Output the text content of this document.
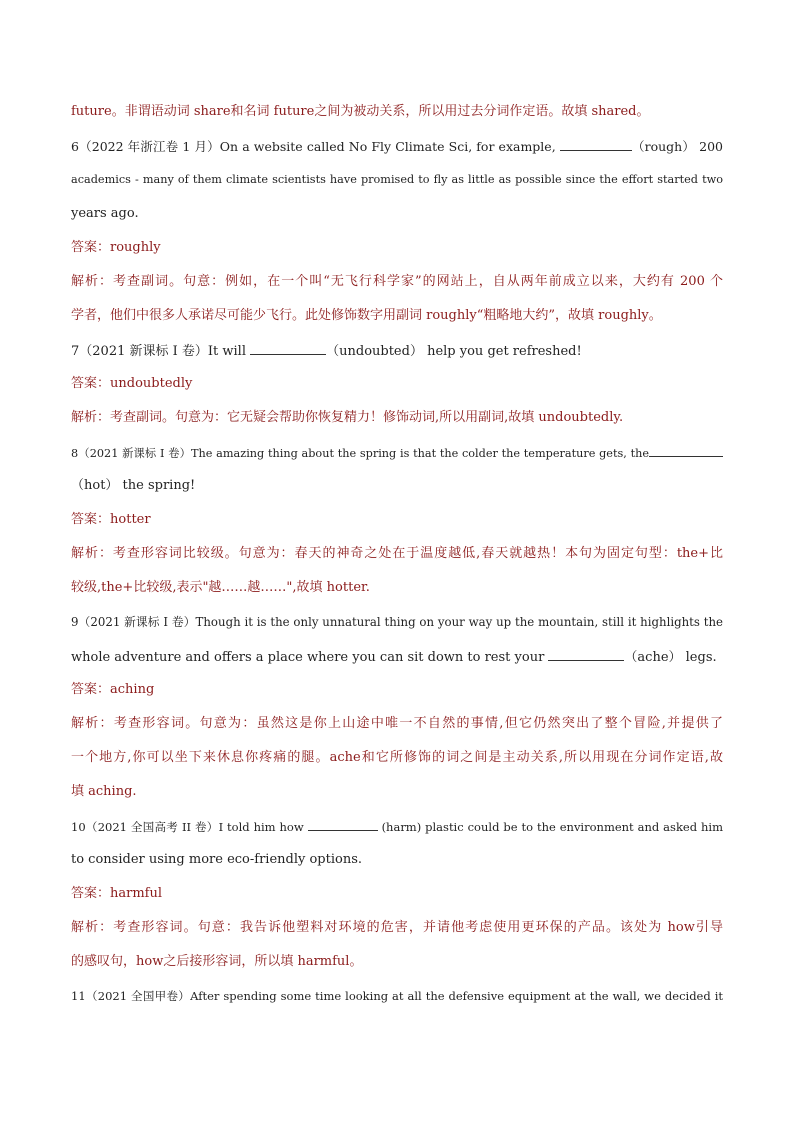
future。非谓语动词 share和名词 future之间为被动关系，所以用过去分词作定语。故填 shared。
6（2022 年浙江卷 1 月）On a website called No Fly Climate Sci, for example,	（rough） 200
academics - many of them climate scientists have promised to fly as little as possible since the effort started two
years ago.
答案：roughly
解析：考查副词。句意：例如，在一个叫“无飞行科学家”的网站上，自从两年前成立以来，大约有 200 个
学者，他们中很多人承诺尽可能少飞行。此处修饰数字用副词 roughly“粗略地大约”，故填 roughly。
7（2021 新课标 I 卷）It will	（undoubted） help you get refreshed!
答案：undoubtedly
解析：考查副词。句意为：它无疑会帮助你恢复精力！修饰动词,所以用副词,故填 undoubtedly.
8（2021 新课标 I 卷）The amazing thing about the spring is that the colder the temperature gets, the
（hot） the spring!
答案：hotter
解析：考查形容词比较级。句意为：春天的神奇之处在于温度越低,春天就越热！本句为固定句型：the+比
较级,the+比较级,表示"越……越……",故填 hotter.
9（2021 新课标 I 卷）Though it is the only unnatural thing on your way up the mountain, still it highlights the
whole adventure and offers a place where you can sit down to rest your	（ache） legs.
答案：aching
解析：考查形容词。句意为：虽然这是你上山途中唯一不自然的事情,但它仍然突出了整个冒险,并提供了
一个地方,你可以坐下来休息你疼痛的腿。ache和它所修饰的词之间是主动关系,所以用现在分词作定语,故
填 aching.
10（2021 全国高考 II 卷）I told him how	(harm) plastic could be to the environment and asked him
to consider using more eco-friendly options.
答案：harmful
解析：考查形容词。句意：我告诉他塑料对环境的危害，并请他考虑使用更环保的产品。该处为 how引导
的感叹句，how之后接形容词，所以填 harmful。
11（2021 全国甲卷）After spending some time looking at all the defensive equipment at the wall, we decided it
